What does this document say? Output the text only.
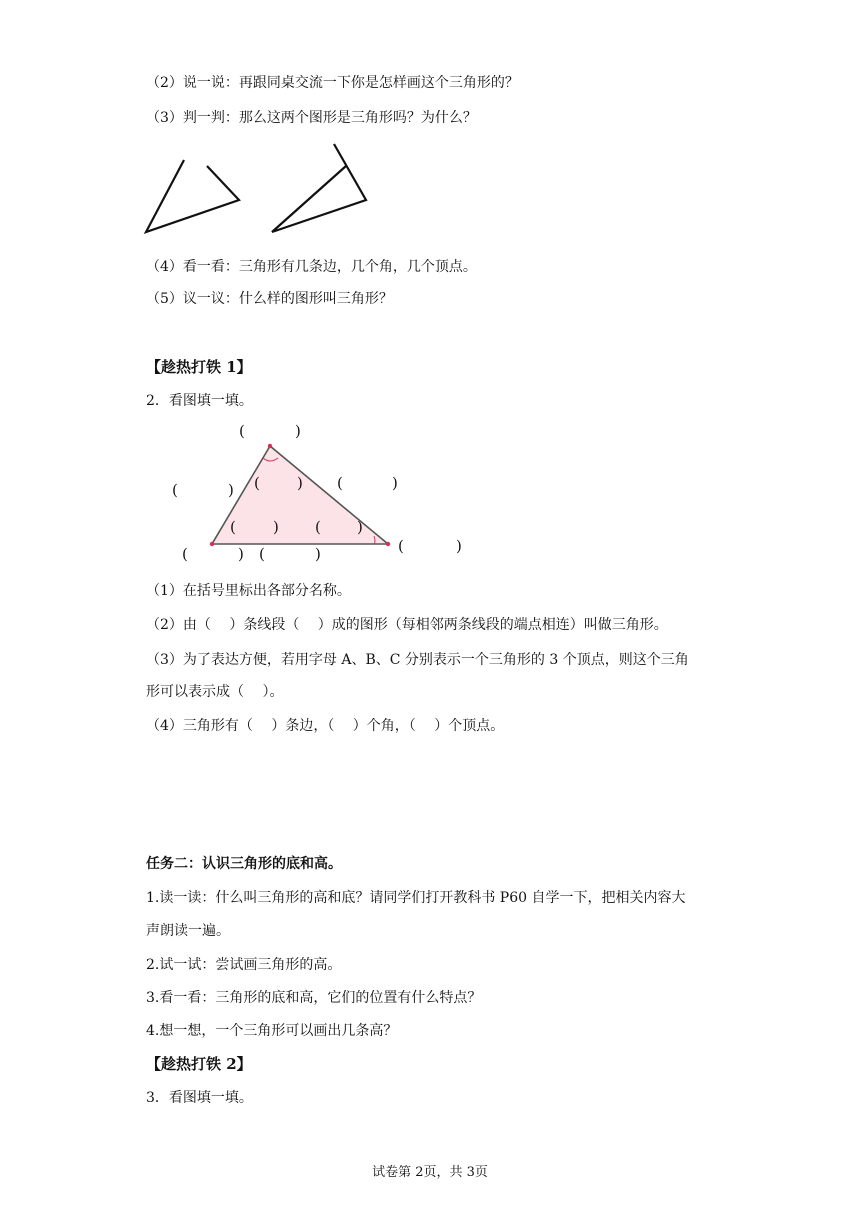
（2）说一说：再跟同桌交流一下你是怎样画这个三角形的？
（3）判一判：那么这两个图形是三角形吗？为什么？
（4）看一看：三角形有几条边，几个角，几个顶点。
（5）议一议：什么样的图形叫三角形？
【趁热打铁 1】
2．看图填一填。
(	)
(	) ( ) (	)
( ) ( )
(	) (	)	(	)
（1）在括号里标出各部分名称。
（2）由（　 ）条线段（　 ）成的图形（每相邻两条线段的端点相连）叫做三角形。
（3）为了表达方便，若用字母 A、B、C 分别表示一个三角形的 3 个顶点，则这个三角
形可以表示成（　 ）。
（4）三角形有（　 ）条边，（　 ）个角，（　 ）个顶点。
任务二：认识三角形的底和高。
1.读一读：什么叫三角形的高和底？请同学们打开教科书 P60 自学一下，把相关内容大
声朗读一遍。
2.试一试：尝试画三角形的高。
3.看一看：三角形的底和高，它们的位置有什么特点？
4.想一想，一个三角形可以画出几条高？
【趁热打铁 2】
3．看图填一填。
试卷第 2页，共 3页
